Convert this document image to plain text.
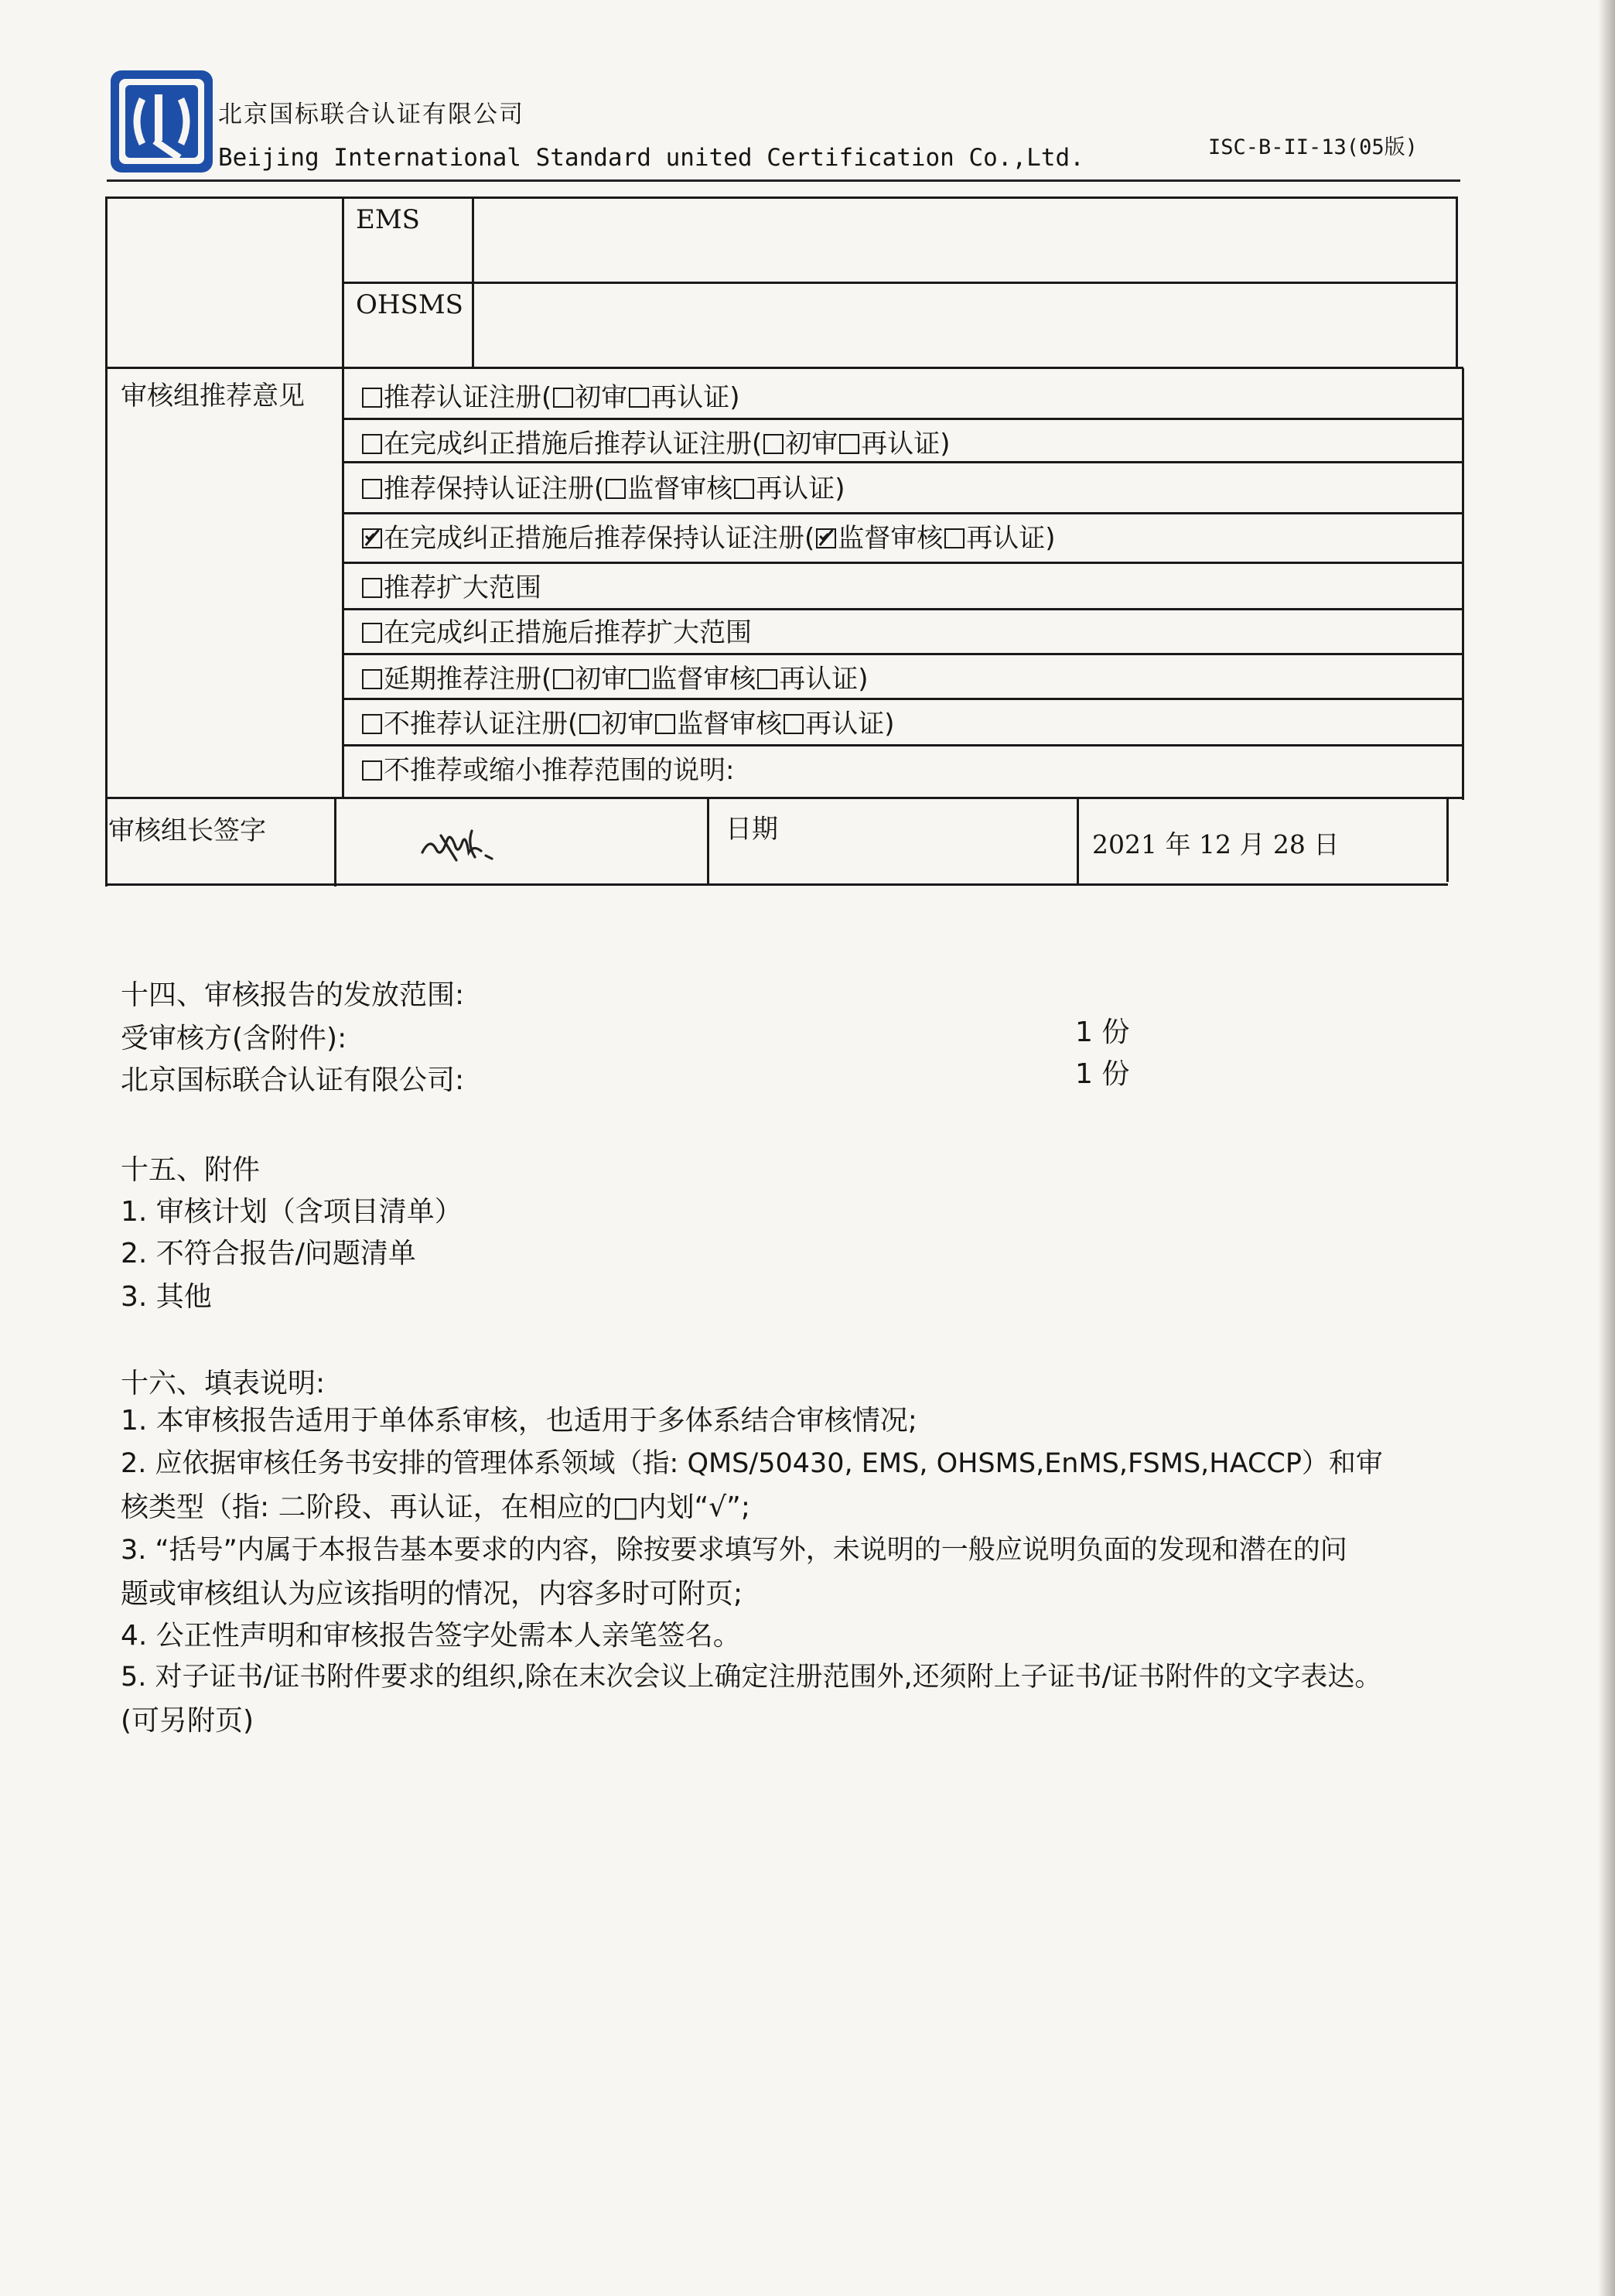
北京国标联合认证有限公司
Beijing International Standard united Certification Co.,Ltd.	ISC-B-II-13(05版)
EMS
OHSMS
审核组推荐意见	推荐认证注册( 初审 再认证)
在完成纠正措施后推荐认证注册( 初审 再认证)
推荐保持认证注册( 监督审核 再认证)
在完成纠正措施后推荐保持认证注册( 监督审核 再认证)
推荐扩大范围
在完成纠正措施后推荐扩大范围
延期推荐注册( 初审 监督审核 再认证)
不推荐认证注册( 初审 监督审核 再认证)
不推荐或缩小推荐范围的说明:
审核组长签字	日期	2021 年 12 月 28 日
十四、审核报告的发放范围:
受审核方(含附件):	1 份
北京国标联合认证有限公司:	1 份
十五、附件
1. 审核计划（含项目清单）
2. 不符合报告/问题清单
3. 其他
十六、填表说明:
1. 本审核报告适用于单体系审核，也适用于多体系结合审核情况;
2. 应依据审核任务书安排的管理体系领域（指: QMS/50430, EMS, OHSMS,EnMS,FSMS,HACCP）和审
核类型（指: 二阶段、再认证，在相应的□内划“√”;
3. “括号”内属于本报告基本要求的内容，除按要求填写外，未说明的一般应说明负面的发现和潜在的问
题或审核组认为应该指明的情况，内容多时可附页;
4. 公正性声明和审核报告签字处需本人亲笔签名。
5. 对子证书/证书附件要求的组织,除在末次会议上确定注册范围外,还须附上子证书/证书附件的文字表达。
(可另附页)
